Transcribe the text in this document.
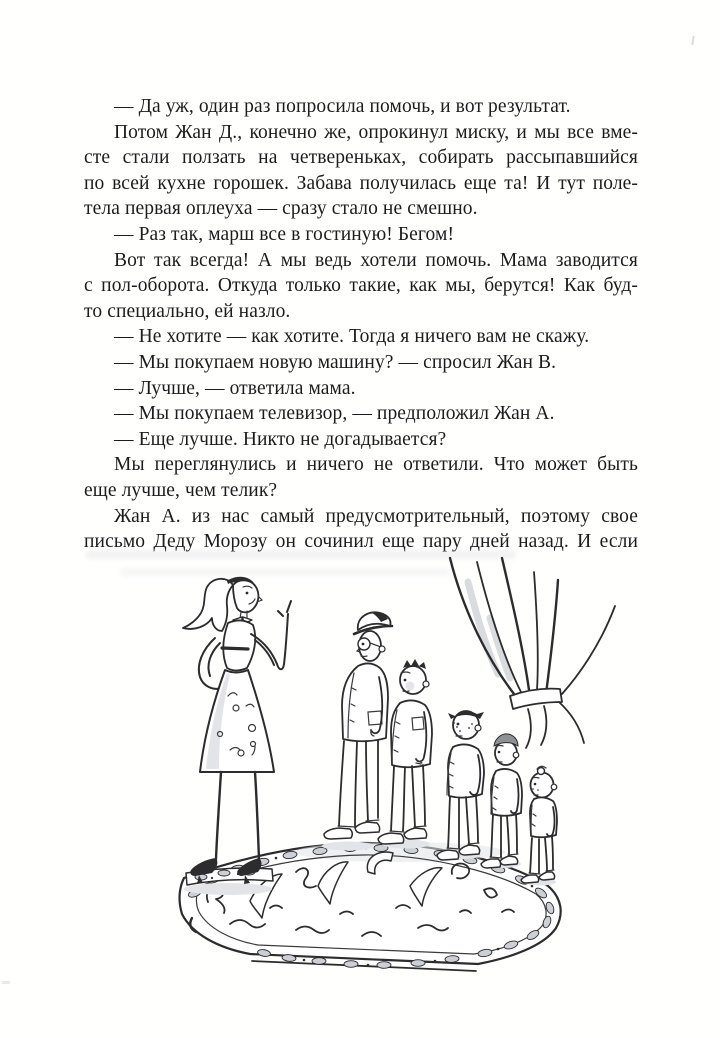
— Да уж, один раз попросила помочь, и вот результат.
Потом Жан Д., конечно же, опрокинул миску, и мы все вме-
сте стали ползать на четвереньках, собирать рассыпавшийся
по всей кухне горошек. Забава получилась еще та! И тут поле-
тела первая оплеуха — сразу стало не смешно.
— Раз так, марш все в гостиную! Бегом!
Вот так всегда! А мы ведь хотели помочь. Мама заводится
с пол-оборота. Откуда только такие, как мы, берутся! Как буд-
то специально, ей назло.
— Не хотите — как хотите. Тогда я ничего вам не скажу.
— Мы покупаем новую машину? — спросил Жан В.
— Лучше, — ответила мама.
— Мы покупаем телевизор, — предположил Жан А.
— Еще лучше. Никто не догадывается?
Мы переглянулись и ничего не ответили. Что может быть
еще лучше, чем телик?
Жан А. из нас самый предусмотрительный, поэтому свое
письмо Деду Морозу он сочинил еще пару дней назад. И если
